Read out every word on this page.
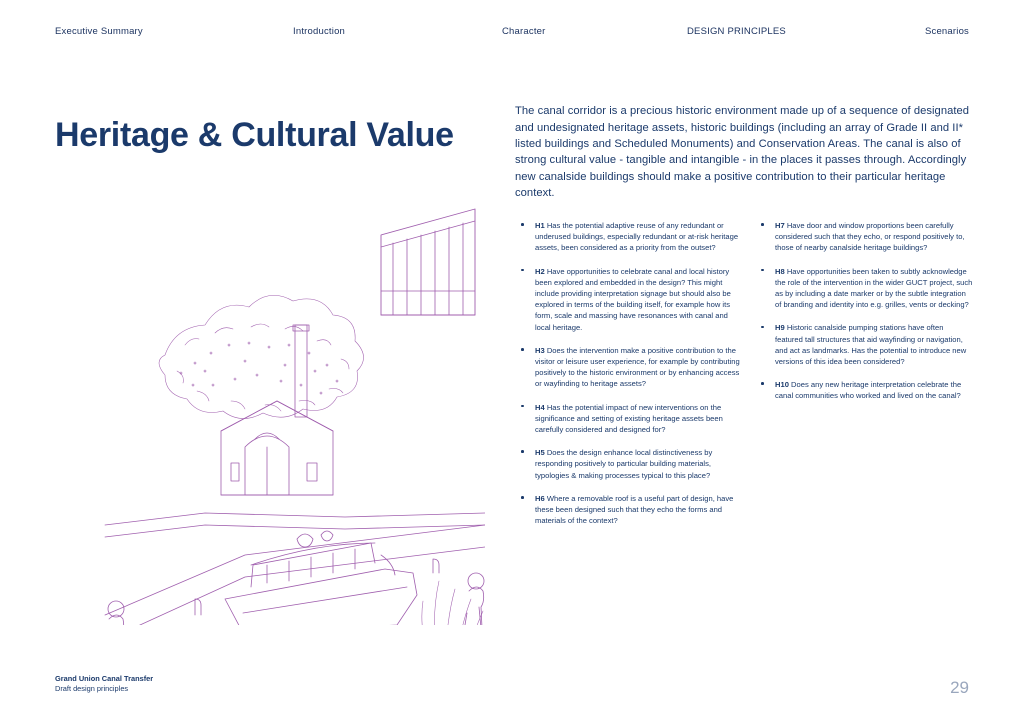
Executive Summary	Introduction	Character	DESIGN PRINCIPLES	Scenarios
Heritage & Cultural Value

The canal corridor is a precious historic environment made up of a sequence of designated and undesignated heritage assets, historic buildings (including an array of Grade II and II* listed buildings and Scheduled Monuments) and Conservation Areas. The canal is also of strong cultural value - tangible and intangible - in the places it passes through. Accordingly new canalside buildings should make a positive contribution to their particular heritage context.

H1 Has the potential adaptive reuse of any redundant or underused buildings, especially redundant or at-risk heritage assets, been considered as a priority from the outset?
H2 Have opportunities to celebrate canal and local history been explored and embedded in the design? This might include providing interpretation signage but should also be explored in terms of the building itself, for example how its form, scale and massing have resonances with canal and local heritage.
H3 Does the intervention make a positive contribution to the visitor or leisure user experience, for example by contributing positively to the historic environment or by enhancing access or wayfinding to heritage assets?
H4 Has the potential impact of new interventions on the significance and setting of existing heritage assets been carefully considered and designed for?
H5 Does the design enhance local distinctiveness by responding positively to particular building materials, typologies & making processes typical to this place?
H6 Where a removable roof is a useful part of design, have these been designed such that they echo the forms and materials of the context?
H7 Have door and window proportions been carefully considered such that they echo, or respond positively to, those of nearby canalside heritage buildings?
H8 Have opportunities been taken to subtly acknowledge the role of the intervention in the wider GUCT project, such as by including a date marker or by the subtle integration of branding and identity into e.g. grilles, vents or decking?
H9 Historic canalside pumping stations have often featured tall structures that aid wayfinding or navigation, and act as landmarks. Has the potential to introduce new versions of this idea been considered?
H10 Does any new heritage interpretation celebrate the canal communities who worked and lived on the canal?
Grand Union Canal Transfer
Draft design principles	29
